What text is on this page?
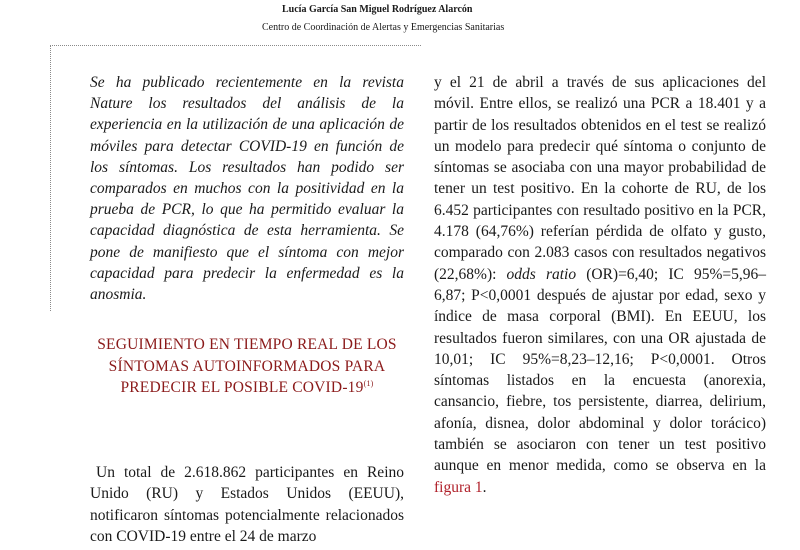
Lucía García San Miguel Rodríguez Alarcón
Centro de Coordinación de Alertas y Emergencias Sanitarias

Se ha publicado recientemente en la revista Nature los resultados del análisis de la experiencia en la utilización de una aplicación de móviles para detectar COVID-19 en función de los síntomas. Los resultados han podido ser comparados en muchos con la positividad en la prueba de PCR, lo que ha permitido evaluar la capacidad diagnóstica de esta herramienta. Se pone de manifiesto que el síntoma con mejor capacidad para predecir la enfermedad es la anosmia.

SEGUIMIENTO EN TIEMPO REAL DE LOS SÍNTOMAS AUTOINFORMADOS PARA PREDECIR EL POSIBLE COVID-19$^{(1)}$

Un total de 2.618.862 participantes en Reino Unido (RU) y Estados Unidos (EEUU), notificaron síntomas potencialmente relacionados con COVID-19 entre el 24 de marzo

y el 21 de abril a través de sus aplicaciones del móvil. Entre ellos, se realizó una PCR a 18.401 y a partir de los resultados obtenidos en el test se realizó un modelo para predecir qué síntoma o conjunto de síntomas se asociaba con una mayor probabilidad de tener un test positivo. En la cohorte de RU, de los 6.452 participantes con resultado positivo en la PCR, 4.178 (64,76%) referían pérdida de olfato y gusto, comparado con 2.083 casos con resultados negativos (22,68%): odds ratio (OR)=6,40; IC 95%=5,96–6,87; P<0,0001 después de ajustar por edad, sexo y índice de masa corporal (BMI). En EEUU, los resultados fueron similares, con una OR ajustada de 10,01; IC 95%=8,23–12,16; P<0,0001. Otros síntomas listados en la encuesta (anorexia, cansancio, fiebre, tos persistente, diarrea, delirium, afonía, disnea, dolor abdominal y dolor torácico) también se asociaron con tener un test positivo aunque en menor medida, como se observa en la figura 1.
